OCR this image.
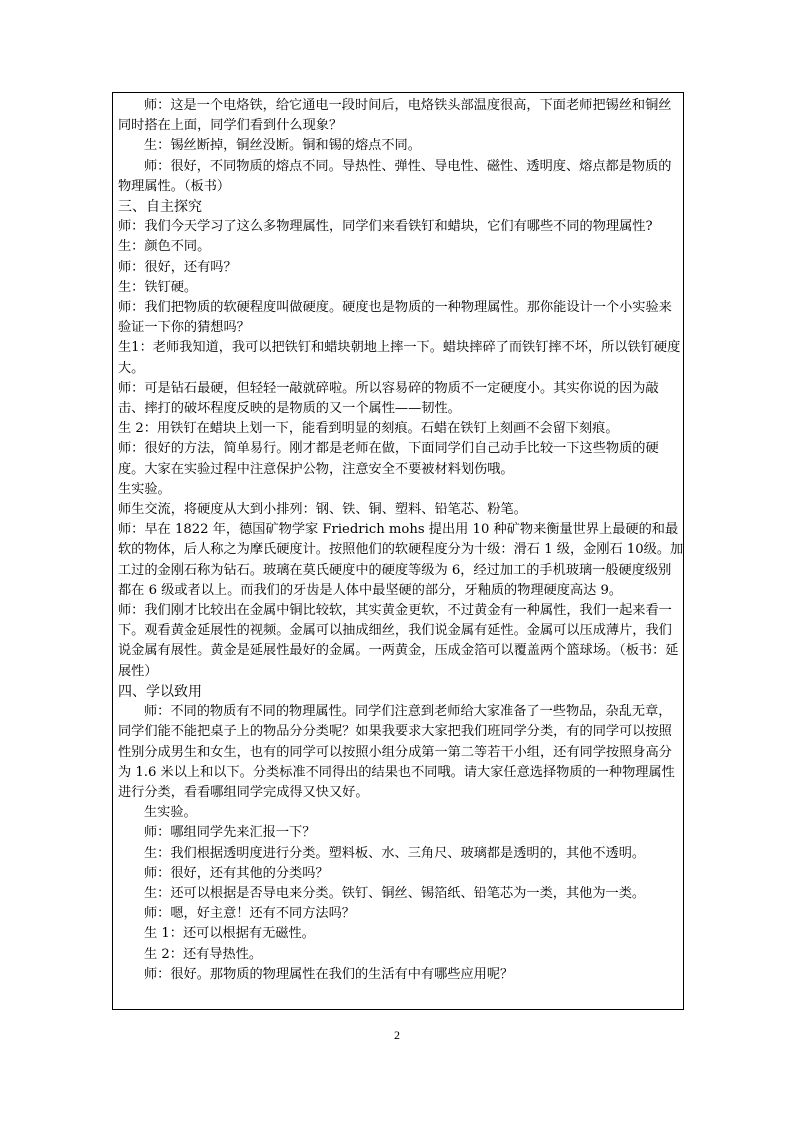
师：这是一个电烙铁，给它通电一段时间后，电烙铁头部温度很高，下面老师把锡丝和铜丝同时搭在上面，同学们看到什么现象？

生：锡丝断掉，铜丝没断。铜和锡的熔点不同。

师：很好，不同物质的熔点不同。导热性、弹性、导电性、磁性、透明度、熔点都是物质的物理属性。（板书）

三、自主探究

师：我们今天学习了这么多物理属性，同学们来看铁钉和蜡块，它们有哪些不同的物理属性?

生：颜色不同。

师：很好，还有吗？

生：铁钉硬。

师：我们把物质的软硬程度叫做硬度。硬度也是物质的一种物理属性。那你能设计一个小实验来验证一下你的猜想吗？

生1：老师我知道，我可以把铁钉和蜡块朝地上摔一下。蜡块摔碎了而铁钉摔不坏，所以铁钉硬度大。

师：可是钻石最硬，但轻轻一敲就碎啦。所以容易碎的物质不一定硬度小。其实你说的因为敲击、摔打的破坏程度反映的是物质的又一个属性——韧性。

生 2：用铁钉在蜡块上划一下，能看到明显的刻痕。石蜡在铁钉上刻画不会留下刻痕。

师：很好的方法，简单易行。刚才都是老师在做，下面同学们自己动手比较一下这些物质的硬度。大家在实验过程中注意保护公物，注意安全不要被材料划伤哦。

生实验。

师生交流，将硬度从大到小排列：钢、铁、铜、塑料、铅笔芯、粉笔。

师：早在 1822 年，德国矿物学家 Friedrich mohs 提出用 10 种矿物来衡量世界上最硬的和最软的物体，后人称之为摩氏硬度计。按照他们的软硬程度分为十级：滑石 1 级，金刚石 10级。加工过的金刚石称为钻石。玻璃在莫氏硬度中的硬度等级为 6，经过加工的手机玻璃一般硬度级别都在 6 级或者以上。而我们的牙齿是人体中最坚硬的部分，牙釉质的物理硬度高达 9。

师：我们刚才比较出在金属中铜比较软，其实黄金更软，不过黄金有一种属性，我们一起来看一下。观看黄金延展性的视频。金属可以抽成细丝，我们说金属有延性。金属可以压成薄片，我们说金属有展性。黄金是延展性最好的金属。一两黄金，压成金箔可以覆盖两个篮球场。（板书：延展性）

四、学以致用

师：不同的物质有不同的物理属性。同学们注意到老师给大家准备了一些物品，杂乱无章，同学们能不能把桌子上的物品分分类呢？如果我要求大家把我们班同学分类，有的同学可以按照性别分成男生和女生，也有的同学可以按照小组分成第一第二等若干小组，还有同学按照身高分为 1.6 米以上和以下。分类标准不同得出的结果也不同哦。请大家任意选择物质的一种物理属性进行分类，看看哪组同学完成得又快又好。

生实验。

师：哪组同学先来汇报一下？

生：我们根据透明度进行分类。塑料板、水、三角尺、玻璃都是透明的，其他不透明。

师：很好，还有其他的分类吗？

生：还可以根据是否导电来分类。铁钉、铜丝、锡箔纸、铅笔芯为一类，其他为一类。

师：嗯，好主意！还有不同方法吗？

生 1：还可以根据有无磁性。

生 2：还有导热性。

师：很好。那物质的物理属性在我们的生活有中有哪些应用呢？

2
